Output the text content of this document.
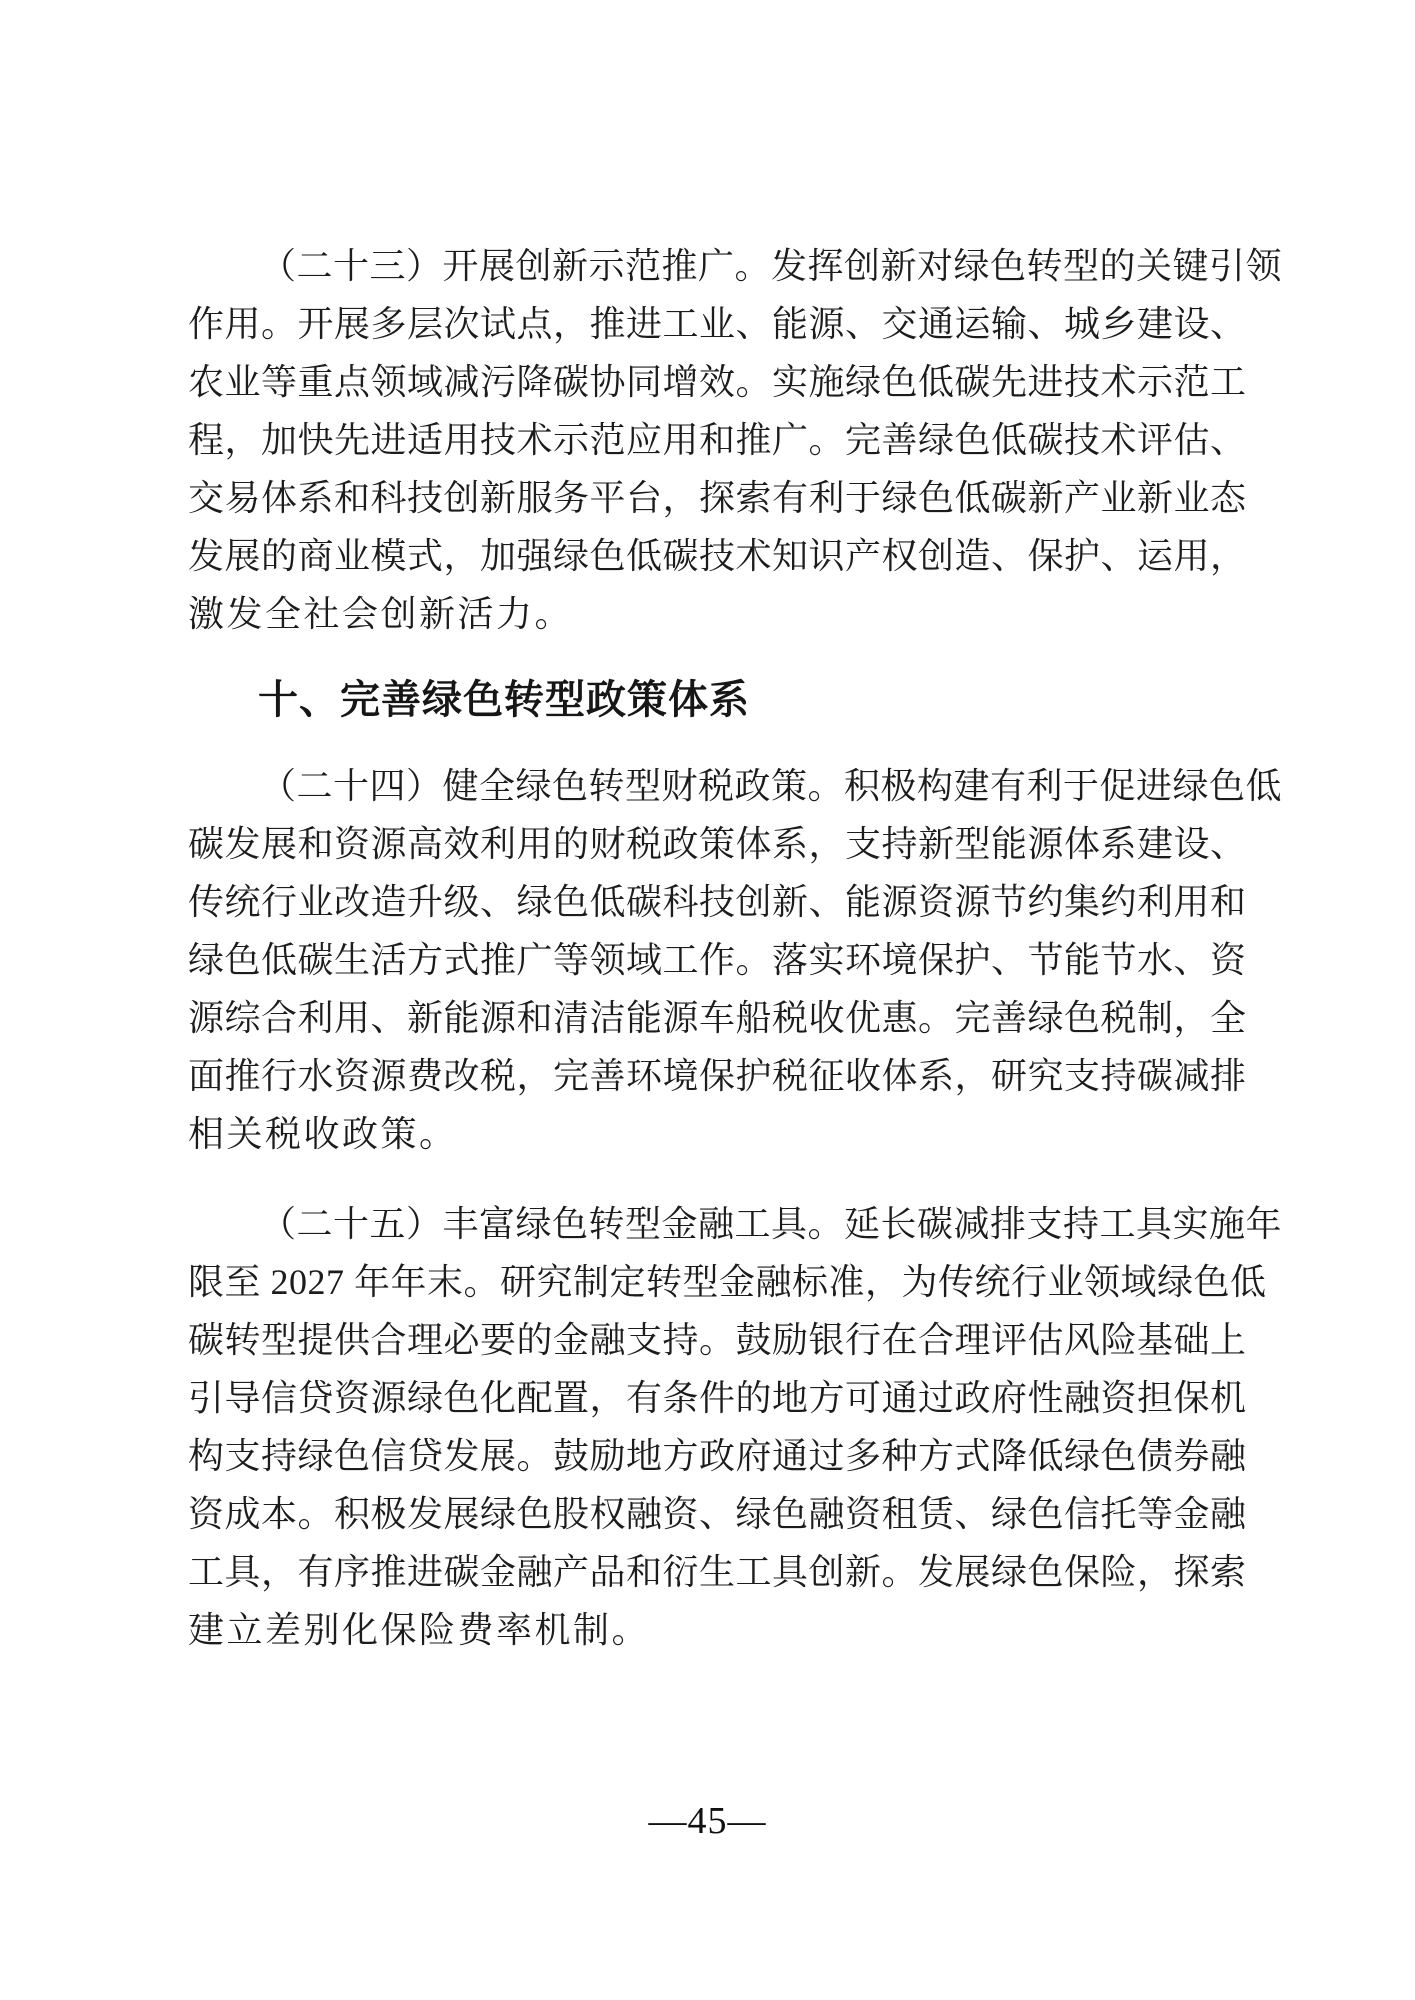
（二十三）开展创新示范推广。发挥创新对绿色转型的关键引领
作用。开展多层次试点，推进工业、能源、交通运输、城乡建设、
农业等重点领域减污降碳协同增效。实施绿色低碳先进技术示范工
程，加快先进适用技术示范应用和推广。完善绿色低碳技术评估、
交易体系和科技创新服务平台，探索有利于绿色低碳新产业新业态
发展的商业模式，加强绿色低碳技术知识产权创造、保护、运用，
激发全社会创新活力。
十、完善绿色转型政策体系
（二十四）健全绿色转型财税政策。积极构建有利于促进绿色低
碳发展和资源高效利用的财税政策体系，支持新型能源体系建设、
传统行业改造升级、绿色低碳科技创新、能源资源节约集约利用和
绿色低碳生活方式推广等领域工作。落实环境保护、节能节水、资
源综合利用、新能源和清洁能源车船税收优惠。完善绿色税制，全
面推行水资源费改税，完善环境保护税征收体系，研究支持碳减排
相关税收政策。
（二十五）丰富绿色转型金融工具。延长碳减排支持工具实施年
限至 2027 年年末。研究制定转型金融标准，为传统行业领域绿色低
碳转型提供合理必要的金融支持。鼓励银行在合理评估风险基础上
引导信贷资源绿色化配置，有条件的地方可通过政府性融资担保机
构支持绿色信贷发展。鼓励地方政府通过多种方式降低绿色债券融
资成本。积极发展绿色股权融资、绿色融资租赁、绿色信托等金融
工具，有序推进碳金融产品和衍生工具创新。发展绿色保险，探索
建立差别化保险费率机制。
—45—
